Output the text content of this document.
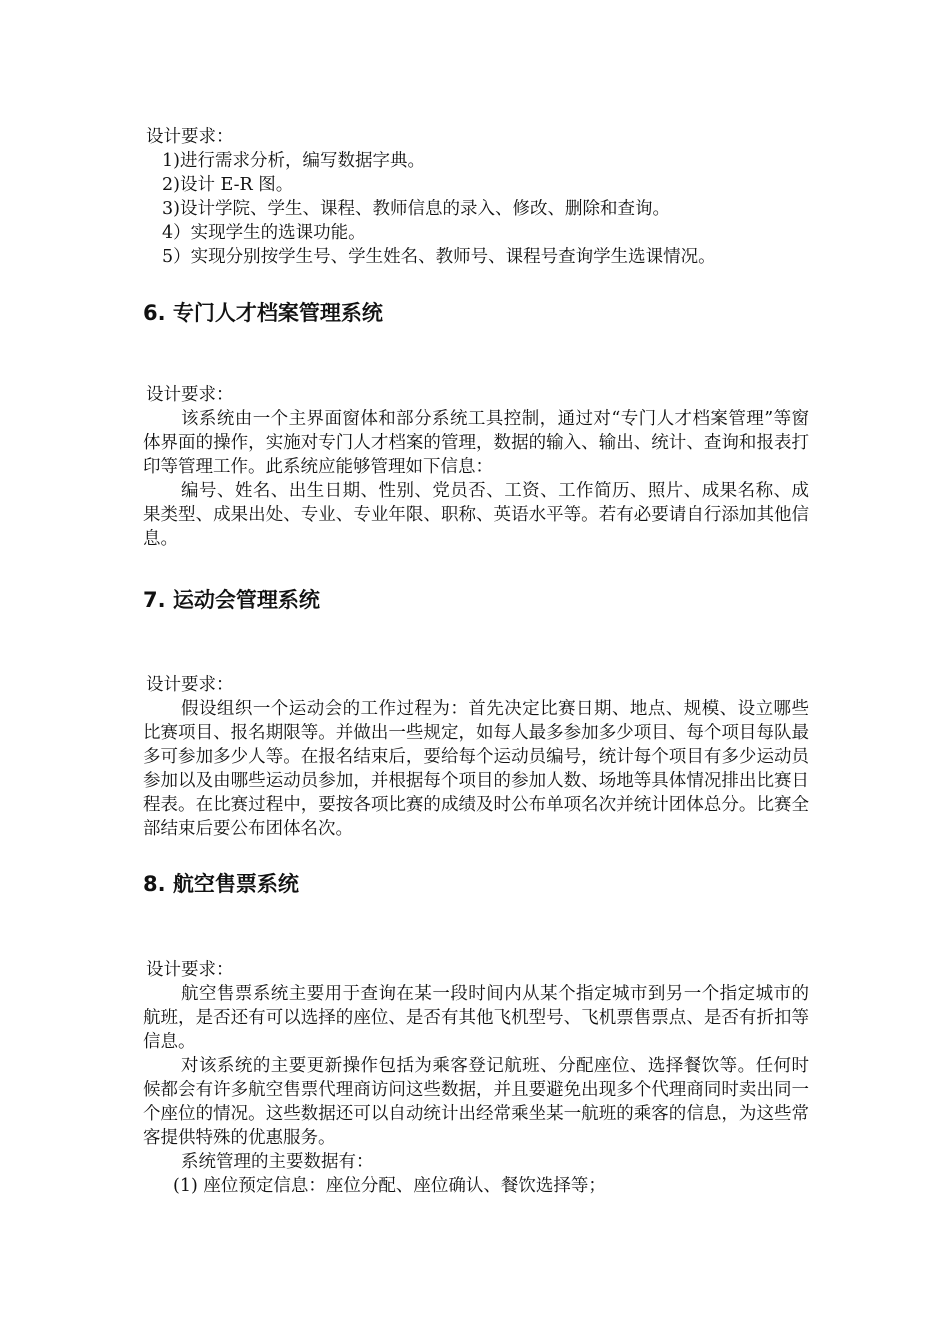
设计要求：

1)进行需求分析，编写数据字典。

2)设计 E-R 图。

3)设计学院、学生、课程、教师信息的录入、修改、删除和查询。

4）实现学生的选课功能。

5）实现分别按学生号、学生姓名、教师号、课程号查询学生选课情况。

6. 专门人才档案管理系统

设计要求：

该系统由一个主界面窗体和部分系统工具控制，通过对“专门人才档案管理”等窗体界面的操作，实施对专门人才档案的管理，数据的输入、输出、统计、查询和报表打印等管理工作。此系统应能够管理如下信息：

编号、姓名、出生日期、性别、党员否、工资、工作简历、照片、成果名称、成果类型、成果出处、专业、专业年限、职称、英语水平等。若有必要请自行添加其他信息。

7. 运动会管理系统

设计要求：

假设组织一个运动会的工作过程为：首先决定比赛日期、地点、规模、设立哪些比赛项目、报名期限等。并做出一些规定，如每人最多参加多少项目、每个项目每队最多可参加多少人等。在报名结束后，要给每个运动员编号，统计每个项目有多少运动员参加以及由哪些运动员参加，并根据每个项目的参加人数、场地等具体情况排出比赛日程表。在比赛过程中，要按各项比赛的成绩及时公布单项名次并统计团体总分。比赛全部结束后要公布团体名次。

8. 航空售票系统

设计要求：

航空售票系统主要用于查询在某一段时间内从某个指定城市到另一个指定城市的航班，是否还有可以选择的座位、是否有其他飞机型号、飞机票售票点、是否有折扣等信息。

对该系统的主要更新操作包括为乘客登记航班、分配座位、选择餐饮等。任何时候都会有许多航空售票代理商访问这些数据，并且要避免出现多个代理商同时卖出同一个座位的情况。这些数据还可以自动统计出经常乘坐某一航班的乘客的信息，为这些常客提供特殊的优惠服务。

系统管理的主要数据有：

(1) 座位预定信息：座位分配、座位确认、餐饮选择等；
